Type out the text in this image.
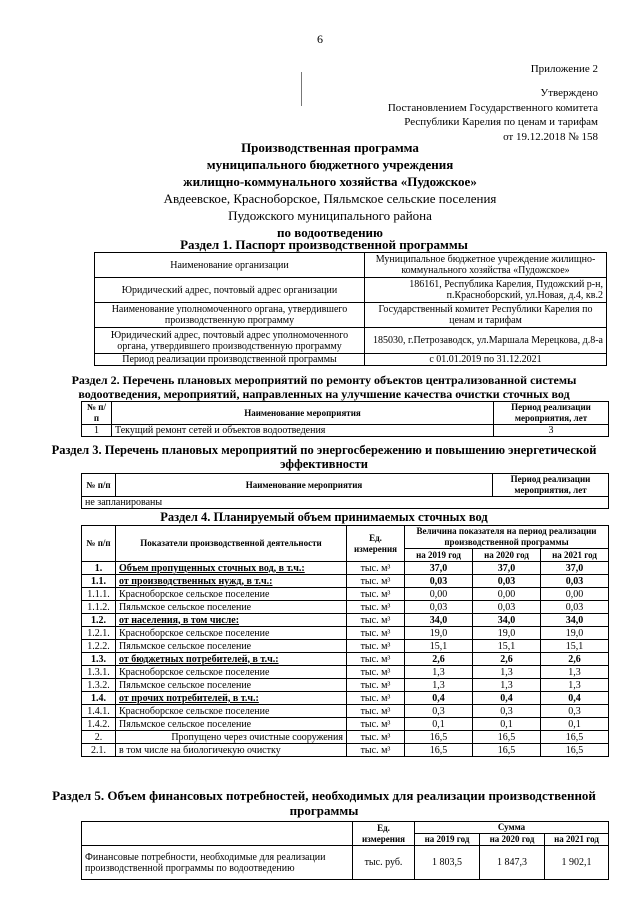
6
Приложение 2
Утверждено
Постановлением Государственного комитета
Республики Карелия по ценам и тарифам
от 19.12.2018 № 158
Производственная программа
муниципального бюджетного учреждения
жилищно-коммунального хозяйства «Пудожское»
Авдеевское, Красноборское, Пяльмское сельские поселения
Пудожского муниципального района
по водоотведению
Раздел 1. Паспорт производственной программы
Наименование организации	Муниципальное бюджетное учреждение жилищно-коммунального хозяйства «Пудожское»
Юридический адрес, почтовый адрес организации	186161, Республика Карелия, Пудожский р-н, п.Красноборский, ул.Новая, д.4, кв.2
Наименование уполномоченного органа, утвердившего производственную программу	Государственный комитет Республики Карелия по ценам и тарифам
Юридический адрес, почтовый адрес уполномоченного органа, утвердившего производственную программу	185030, г.Петрозаводск, ул.Маршала Мерецкова, д.8-а
Период реализации производственной программы	с 01.01.2019 по 31.12.2021
Раздел 2. Перечень плановых мероприятий по ремонту объектов централизованной системы водоотведения, мероприятий, направленных на улучшение качества очистки сточных вод
№ п/п	Наименование мероприятия	Период реализации мероприятия, лет
1	Текущий ремонт сетей и объектов водоотведения	3
Раздел 3. Перечень плановых мероприятий по энергосбережению и повышению энергетической эффективности
№ п/п	Наименование мероприятия	Период реализации мероприятия, лет
не запланированы
Раздел 4. Планируемый объем принимаемых сточных вод
№ п/п	Показатели производственной деятельности	Ед. измерения	Величина показателя на период реализации производственной программы		
			на 2019 год	на 2020 год	на 2021 год
1.	Объем пропущенных сточных вод, в т.ч.:	тыс. м³	37,0	37,0	37,0
1.1.	от производственных нужд, в т.ч.:	тыс. м³	0,03	0,03	0,03
1.1.1.	Красноборское сельское поселение	тыс. м³	0,00	0,00	0,00
1.1.2.	Пяльмское сельское поселение	тыс. м³	0,03	0,03	0,03
1.2.	от населения, в том числе:	тыс. м³	34,0	34,0	34,0
1.2.1.	Красноборское сельское поселение	тыс. м³	19,0	19,0	19,0
1.2.2.	Пяльмское сельское поселение	тыс. м³	15,1	15,1	15,1
1.3.	от бюджетных потребителей, в т.ч.:	тыс. м³	2,6	2,6	2,6
1.3.1.	Красноборское сельское поселение	тыс. м³	1,3	1,3	1,3
1.3.2.	Пяльмское сельское поселение	тыс. м³	1,3	1,3	1,3
1.4.	от прочих потребителей, в т.ч.:	тыс. м³	0,4	0,4	0,4
1.4.1.	Красноборское сельское поселение	тыс. м³	0,3	0,3	0,3
1.4.2.	Пяльмское сельское поселение	тыс. м³	0,1	0,1	0,1
2.	Пропущено через очистные сооружения	тыс. м³	16,5	16,5	16,5
2.1.	в том числе на биологичекую очистку	тыс. м³	16,5	16,5	16,5
Раздел 5. Объем финансовых потребностей, необходимых для реализации производственной программы
	Ед. измерения	Сумма		
		на 2019 год	на 2020 год	на 2021 год
Финансовые потребности, необходимые для реализации производственной программы по водоотведению	тыс. руб.	1 803,5	1 847,3	1 902,1
